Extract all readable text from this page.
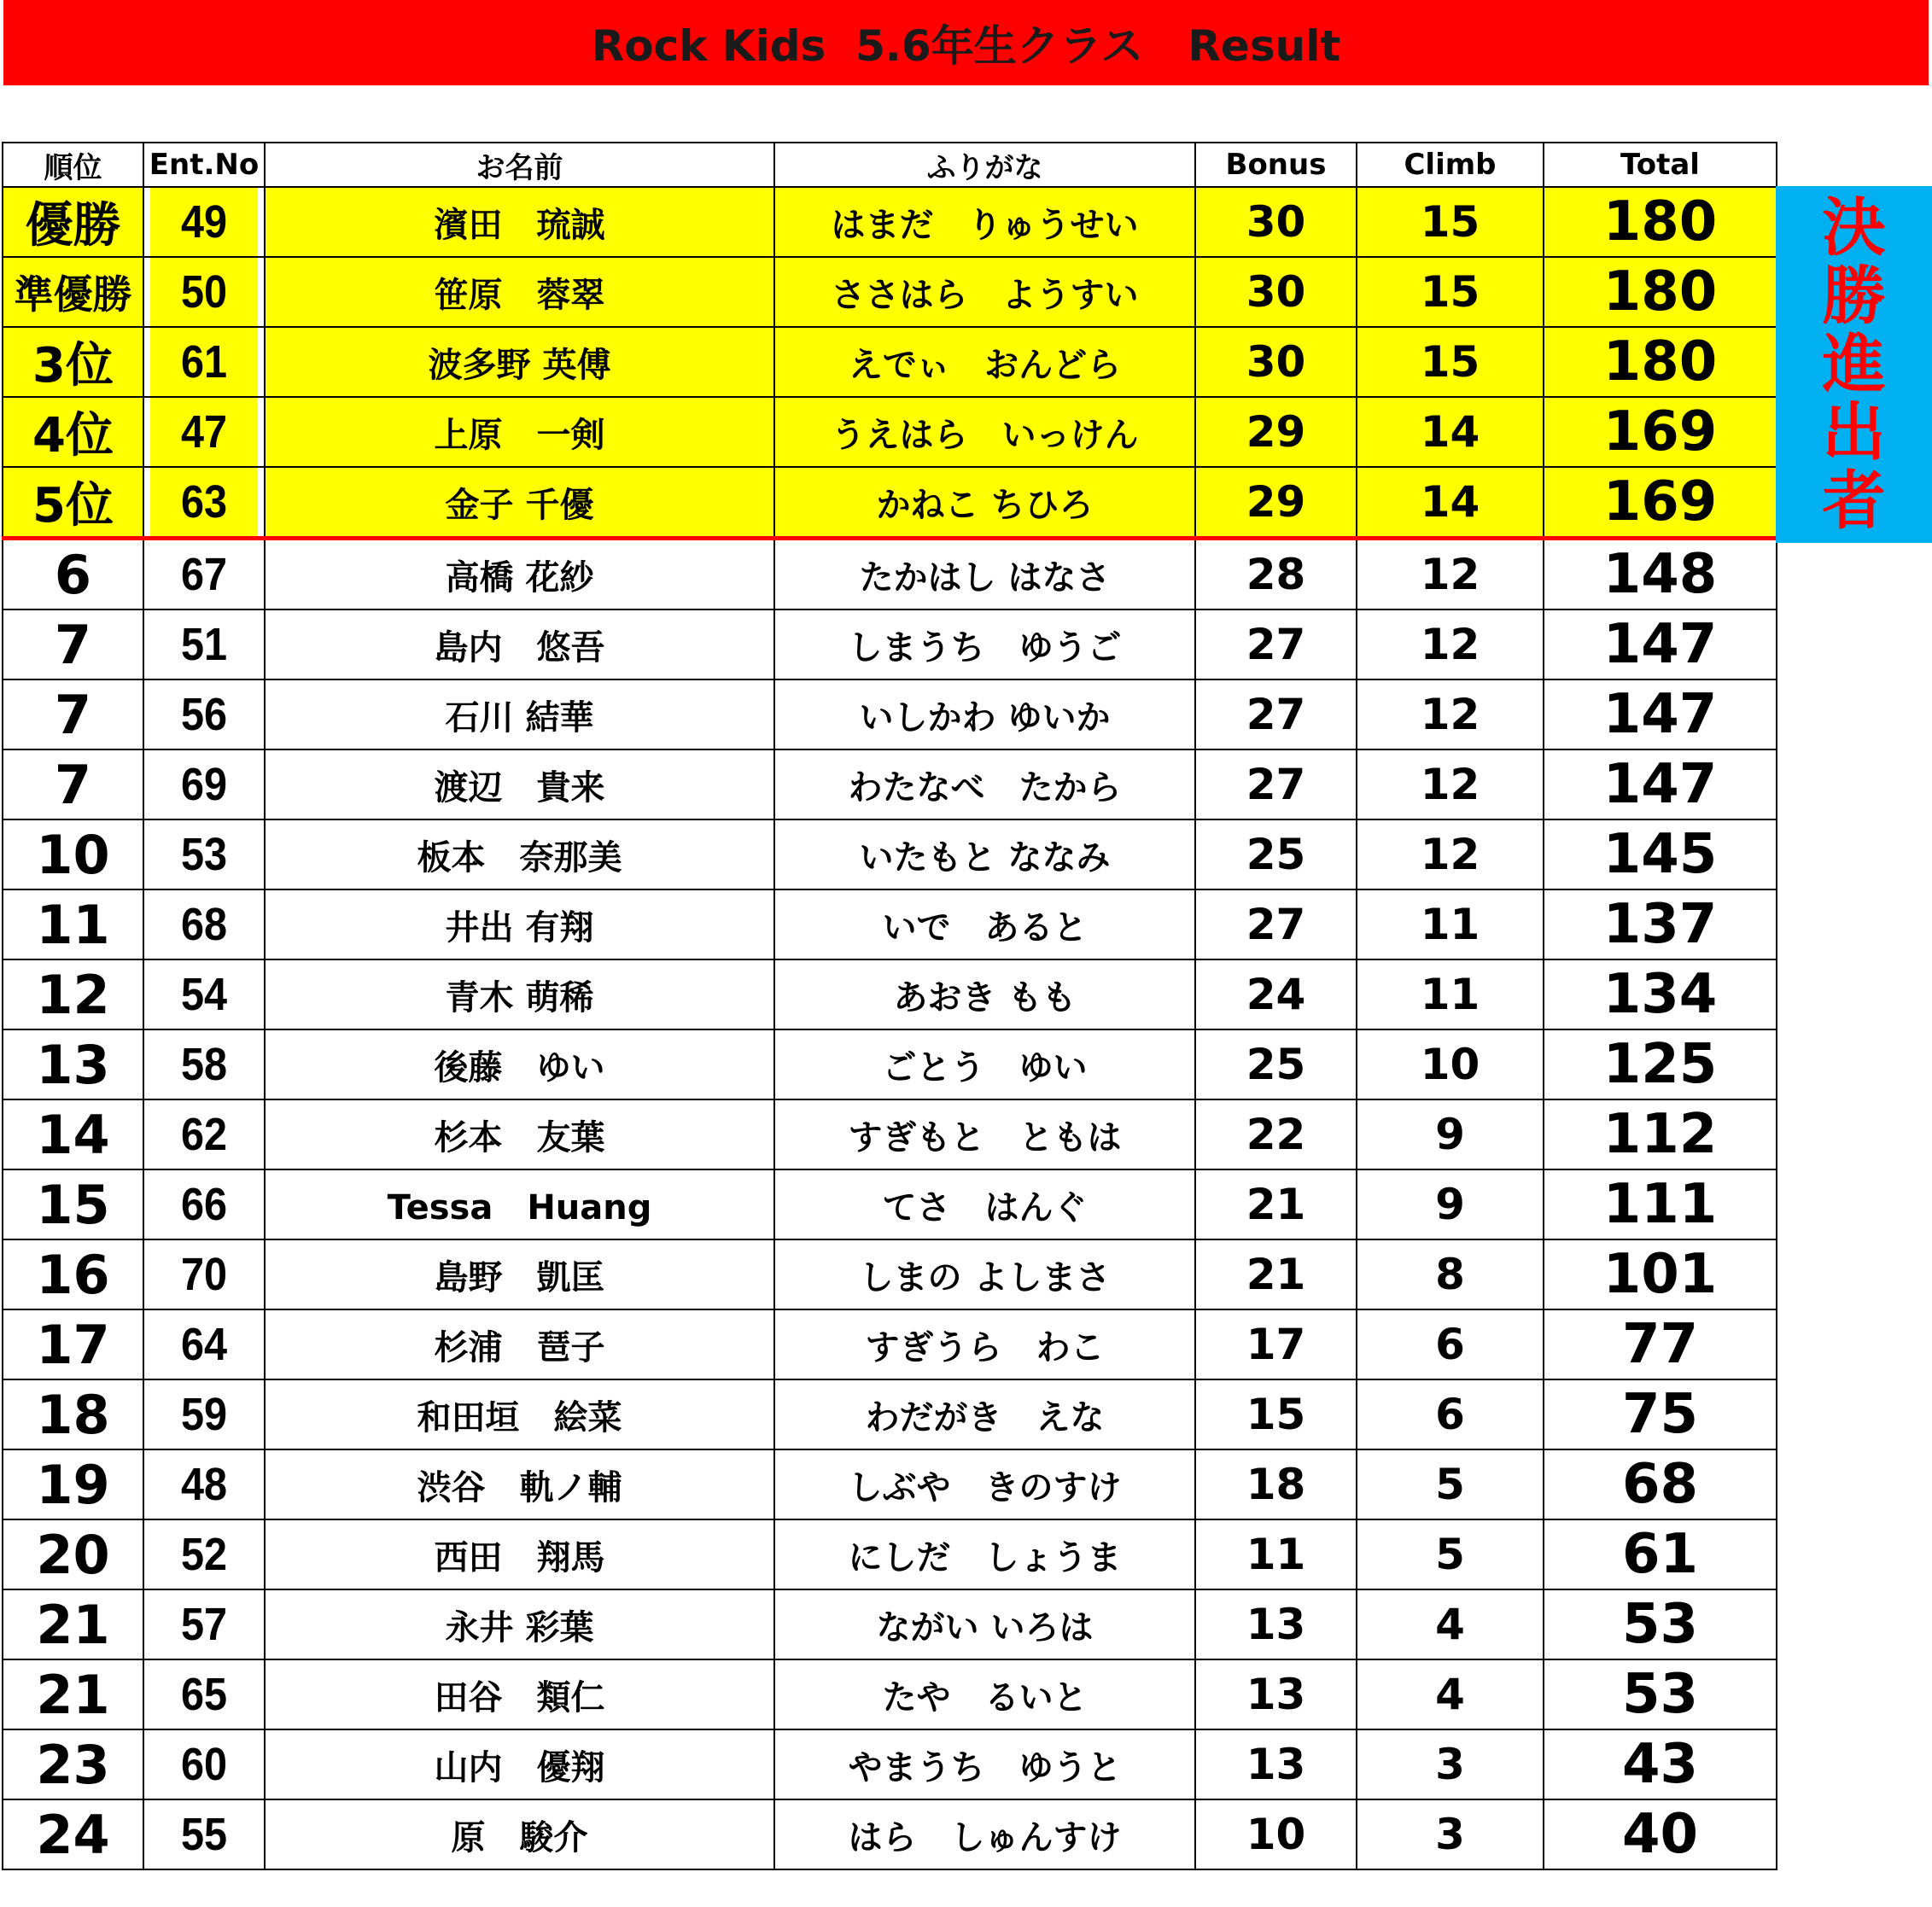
Rock Kids  5.6年生クラス   Result
順位	Ent.No	お名前	ふりがな	Bonus	Climb	Total
優勝	49	濱田　琉誠	はまだ　りゅうせい	30	15	180
準優勝	50	笹原　蓉翠	ささはら　ようすい	30	15	180
3位	61	波多野 英傅	えでぃ　おんどら	30	15	180
4位	47	上原　一剣	うえはら　いっけん	29	14	169
5位	63	金子 千優	かねこ ちひろ	29	14	169
6	67	高橋 花紗	たかはし はなさ	28	12	148
7	51	島内　悠吾	しまうち　ゆうご	27	12	147
7	56	石川 結華	いしかわ ゆいか	27	12	147
7	69	渡辺　貴来	わたなべ　たから	27	12	147
10	53	板本　奈那美	いたもと ななみ	25	12	145
11	68	井出 有翔	いで　あると	27	11	137
12	54	青木 萌稀	あおき もも	24	11	134
13	58	後藤　ゆい	ごとう　ゆい	25	10	125
14	62	杉本　友葉	すぎもと　ともは	22	9	112
15	66	Tessa　Huang	てさ　はんぐ	21	9	111
16	70	島野　凱匡	しまの よしまさ	21	8	101
17	64	杉浦　琶子	すぎうら　わこ	17	6	77
18	59	和田垣　絵菜	わだがき　えな	15	6	75
19	48	渋谷　軌ノ輔	しぶや　きのすけ	18	5	68
20	52	西田　翔馬	にしだ　しょうま	11	5	61
21	57	永井 彩葉	ながい いろは	13	4	53
21	65	田谷　類仁	たや　るいと	13	4	53
23	60	山内　優翔	やまうち　ゆうと	13	3	43
24	55	原　駿介	はら　しゅんすけ	10	3	40
決
勝
進
出
者
